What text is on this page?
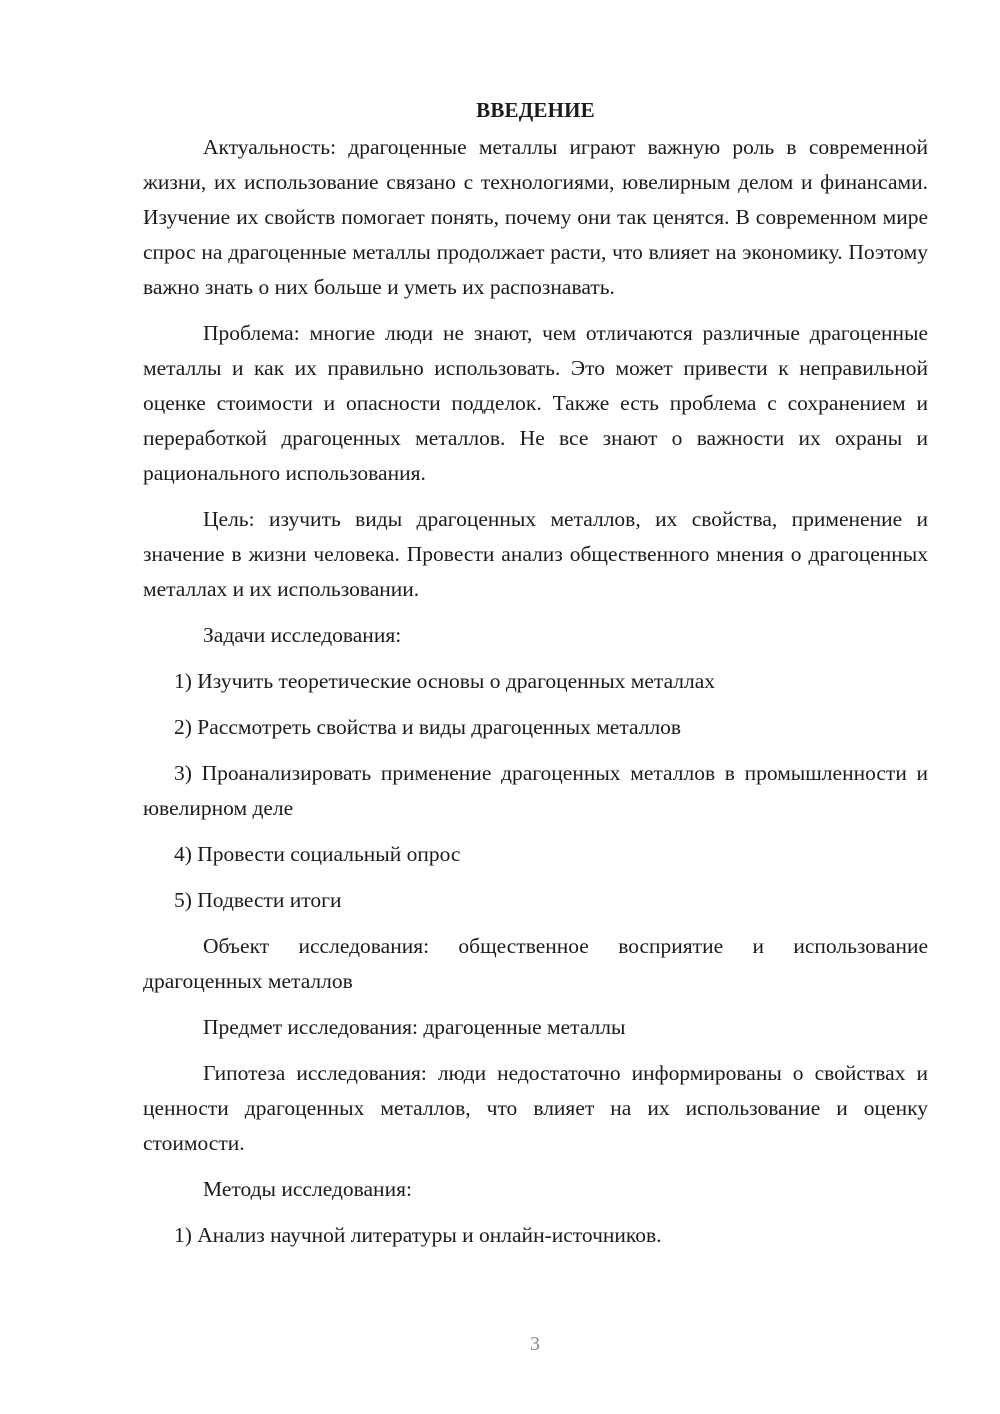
ВВЕДЕНИЕ

Актуальность: драгоценные металлы играют важную роль в современной жизни, их использование связано с технологиями, ювелирным делом и финансами. Изучение их свойств помогает понять, почему они так ценятся. В современном мире спрос на драгоценные металлы продолжает расти, что влияет на экономику. Поэтому важно знать о них больше и уметь их распознавать.

Проблема: многие люди не знают, чем отличаются различные драгоценные металлы и как их правильно использовать. Это может привести к неправильной оценке стоимости и опасности подделок. Также есть проблема с сохранением и переработкой драгоценных металлов. Не все знают о важности их охраны и рационального использования.

Цель: изучить виды драгоценных металлов, их свойства, применение и значение в жизни человека. Провести анализ общественного мнения о драгоценных металлах и их использовании.

Задачи исследования:

1) Изучить теоретические основы о драгоценных металлах

2) Рассмотреть свойства и виды драгоценных металлов

3) Проанализировать применение драгоценных металлов в промышленности и ювелирном деле

4) Провести социальный опрос

5) Подвести итоги

Объект исследования: общественное восприятие и использование драгоценных металлов

Предмет исследования: драгоценные металлы

Гипотеза исследования: люди недостаточно информированы о свойствах и ценности драгоценных металлов, что влияет на их использование и оценку стоимости.

Методы исследования:

1) Анализ научной литературы и онлайн-источников.

3
